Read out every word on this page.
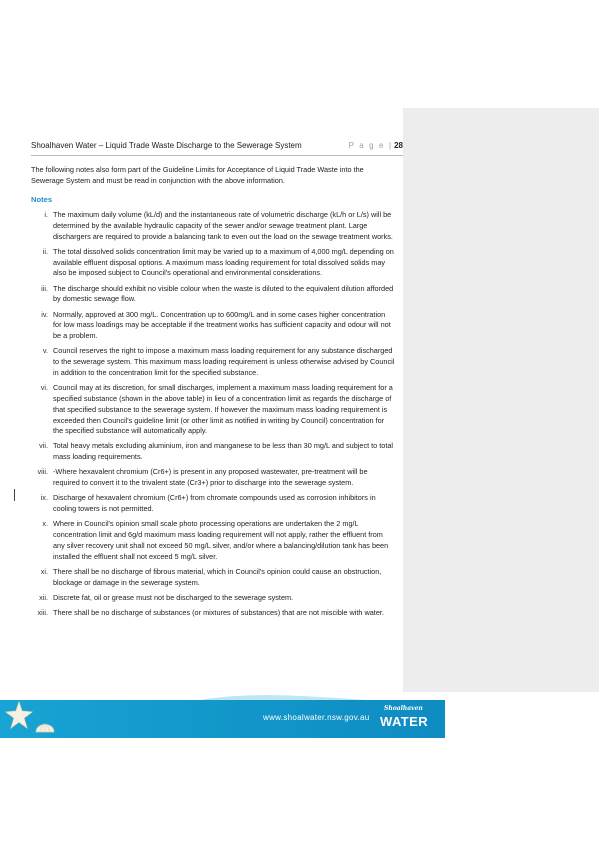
Shoalhaven Water – Liquid Trade Waste Discharge to the Sewerage System	P a g e | 28
The following notes also form part of the Guideline Limits for Acceptance of Liquid Trade Waste into the Sewerage System and must be read in conjunction with the above information.
Notes
i. The maximum daily volume (kL/d) and the instantaneous rate of volumetric discharge (kL/h or L/s) will be determined by the available hydraulic capacity of the sewer and/or sewage treatment plant. Large dischargers are required to provide a balancing tank to even out the load on the sewage treatment works.
ii. The total dissolved solids concentration limit may be varied up to a maximum of 4,000 mg/L depending on available effluent disposal options. A maximum mass loading requirement for total dissolved solids may also be imposed subject to Council's operational and environmental considerations.
iii. The discharge should exhibit no visible colour when the waste is diluted to the equivalent dilution afforded by domestic sewage flow.
iv. Normally, approved at 300 mg/L. Concentration up to 600mg/L and in some cases higher concentration for low mass loadings may be acceptable if the treatment works has sufficient capacity and odour will not be a problem.
v. Council reserves the right to impose a maximum mass loading requirement for any substance discharged to the sewerage system. This maximum mass loading requirement is unless otherwise advised by Council in addition to the concentration limit for the specified substance.
vi. Council may at its discretion, for small discharges, implement a maximum mass loading requirement for a specified substance (shown in the above table) in lieu of a concentration limit as regards the discharge of that specified substance to the sewerage system. If however the maximum mass loading requirement is exceeded then Council's guideline limit (or other limit as notified in writing by Council) concentration for the specified substance will automatically apply.
vii. Total heavy metals excluding aluminium, iron and manganese to be less than 30 mg/L and subject to total mass loading requirements.
viii. -Where hexavalent chromium (Cr6+) is present in any proposed wastewater, pre-treatment will be required to convert it to the trivalent state (Cr3+) prior to discharge into the sewerage system.
ix. Discharge of hexavalent chromium (Cr6+) from chromate compounds used as corrosion inhibitors in cooling towers is not permitted.
x. Where in Council's opinion small scale photo processing operations are undertaken the 2 mg/L concentration limit and 6g/d maximum mass loading requirement will not apply, rather the effluent from any silver recovery unit shall not exceed 50 mg/L silver, and/or where a balancing/dilution tank has been installed the effluent shall not exceed 5 mg/L silver.
xi. There shall be no discharge of fibrous material, which in Council's opinion could cause an obstruction, blockage or damage in the sewerage system.
xii. Discrete fat, oil or grease must not be discharged to the sewerage system.
xiii. There shall be no discharge of substances (or mixtures of substances) that are not miscible with water.
www.shoalwater.nsw.gov.au
Shoalhaven
WATER
